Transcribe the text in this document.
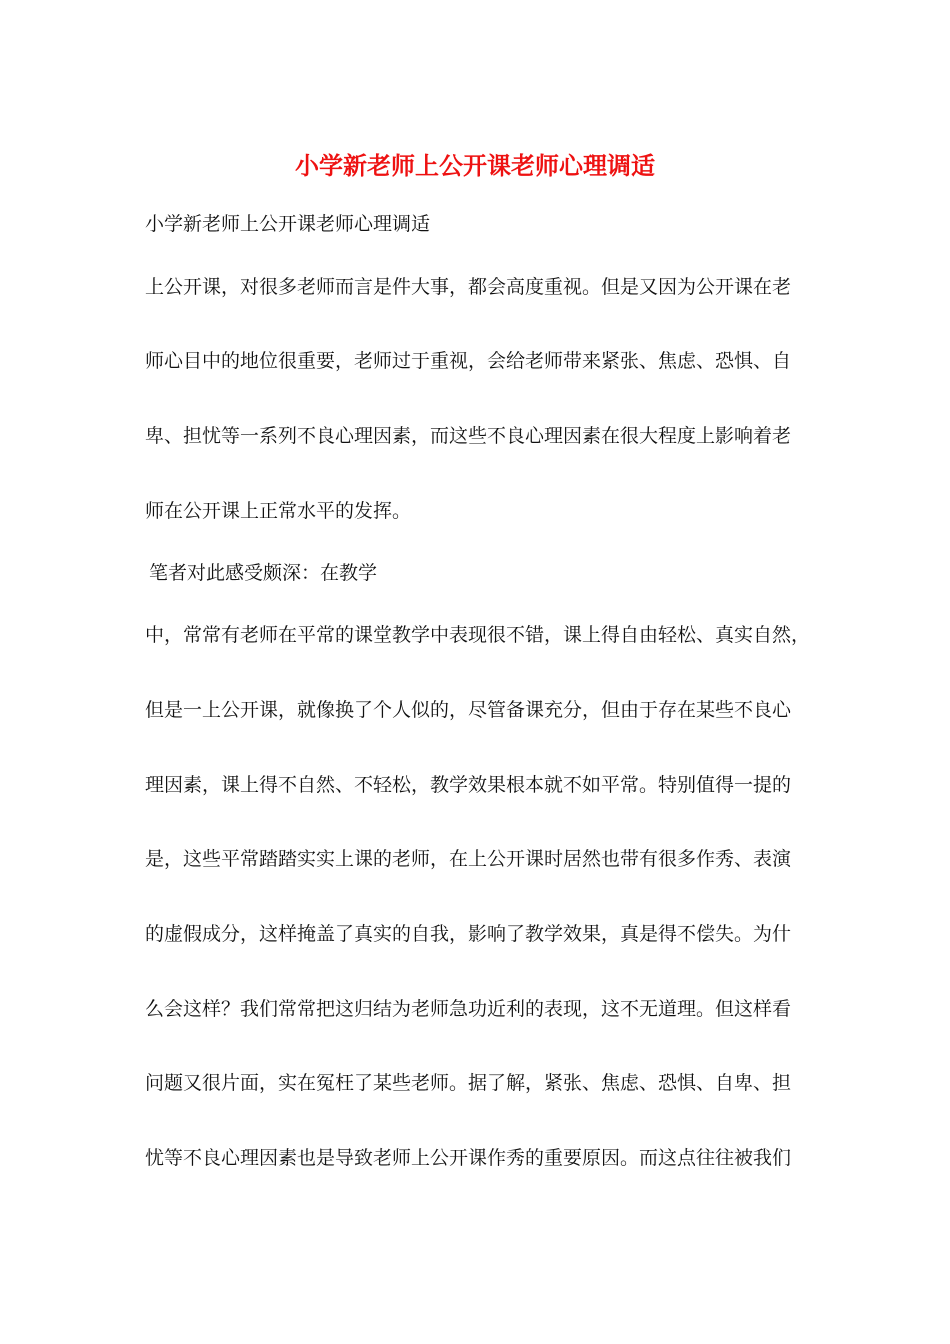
小学新老师上公开课老师心理调适

小学新老师上公开课老师心理调适

上公开课，对很多老师而言是件大事，都会高度重视。但是又因为公开课在老

师心目中的地位很重要，老师过于重视，会给老师带来紧张、焦虑、恐惧、自

卑、担忧等一系列不良心理因素，而这些不良心理因素在很大程度上影响着老

师在公开课上正常水平的发挥。

笔者对此感受颇深：在教学

中，常常有老师在平常的课堂教学中表现很不错，课上得自由轻松、真实自然，

但是一上公开课，就像换了个人似的，尽管备课充分，但由于存在某些不良心

理因素，课上得不自然、不轻松，教学效果根本就不如平常。特别值得一提的

是，这些平常踏踏实实上课的老师，在上公开课时居然也带有很多作秀、表演

的虚假成分，这样掩盖了真实的自我，影响了教学效果，真是得不偿失。为什

么会这样？我们常常把这归结为老师急功近利的表现，这不无道理。但这样看

问题又很片面，实在冤枉了某些老师。据了解，紧张、焦虑、恐惧、自卑、担

忧等不良心理因素也是导致老师上公开课作秀的重要原因。而这点往往被我们
